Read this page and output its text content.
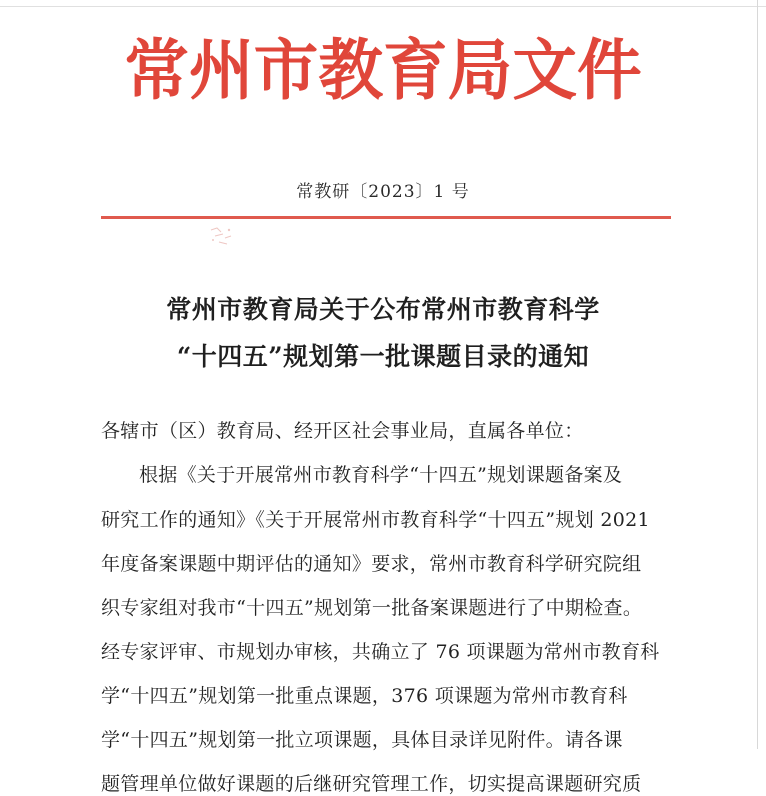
常州市教育局文件
常教研〔2023〕1 号
常州市教育局关于公布常州市教育科学
“十四五”规划第一批课题目录的通知
各辖市（区）教育局、经开区社会事业局，直属各单位：
根据《关于开展常州市教育科学“十四五”规划课题备案及
研究工作的通知》《关于开展常州市教育科学“十四五”规划 2021
年度备案课题中期评估的通知》要求，常州市教育科学研究院组
织专家组对我市“十四五”规划第一批备案课题进行了中期检查。
经专家评审、市规划办审核，共确立了 76 项课题为常州市教育科
学“十四五”规划第一批重点课题，376 项课题为常州市教育科
学“十四五”规划第一批立项课题，具体目录详见附件。请各课
题管理单位做好课题的后继研究管理工作，切实提高课题研究质
